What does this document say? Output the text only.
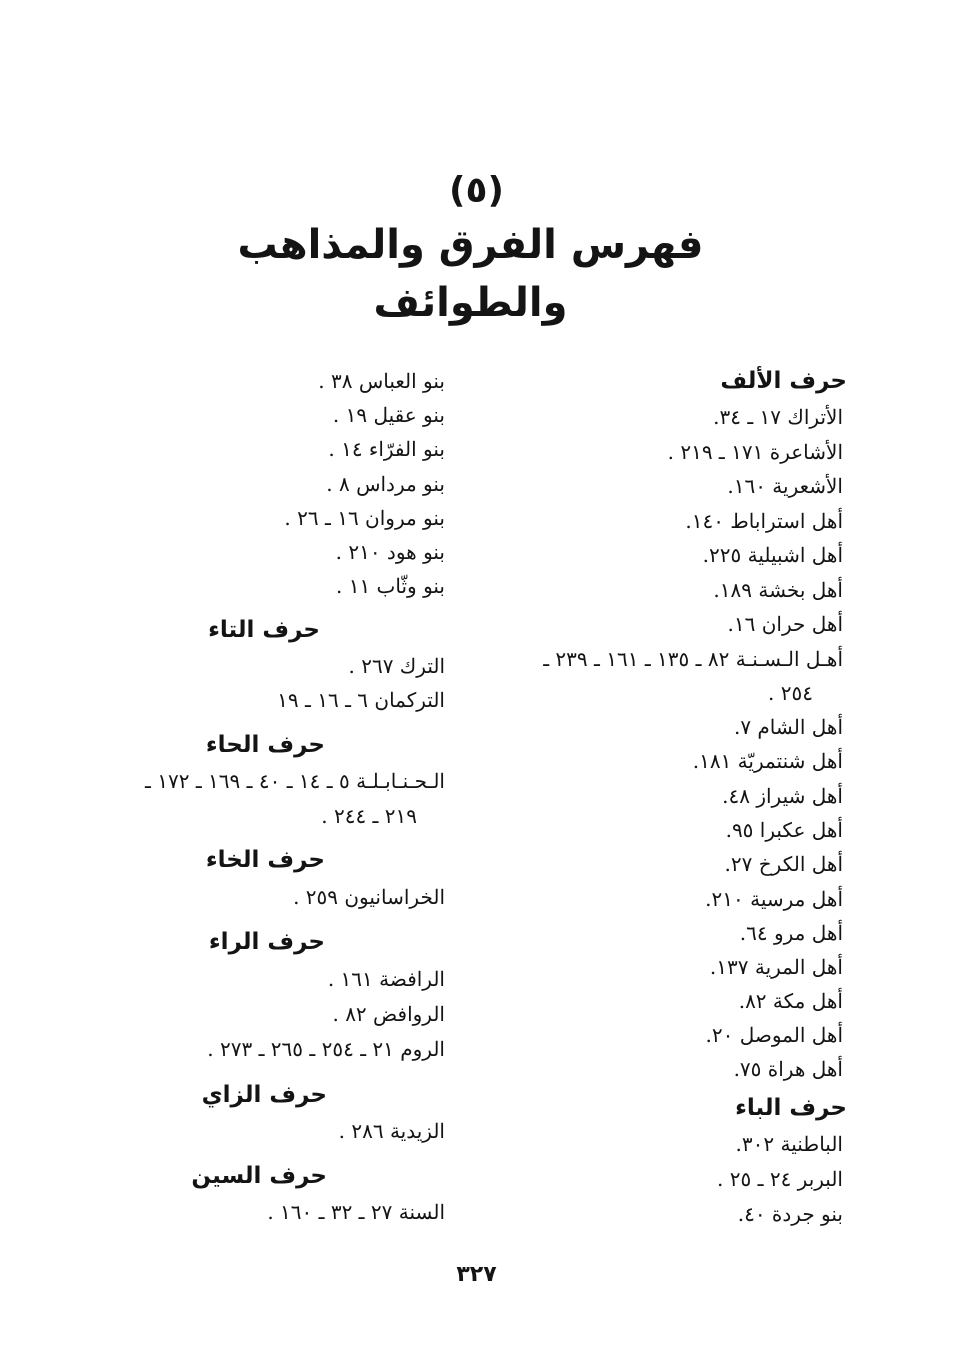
(٥)
فهرس الفرق والمذاهب
والطوائف
حرف الألف
الأتراك ١٧ ـ ٣٤.
الأشاعرة ١٧١ ـ ٢١٩ .
الأشعرية ١٦٠.
أهل استراباط ١٤٠.
أهل اشبيلية ٢٢٥.
أهل بخشة ١٨٩.
أهل حران ١٦.
أهـل الـسـنـة ٨٢ ـ ١٣٥ ـ ١٦١ ـ ٢٣٩ ـ
٢٥٤ .
أهل الشام ٧.
أهل شنتمريّة ١٨١.
أهل شيراز ٤٨.
أهل عكبرا ٩٥.
أهل الكرخ ٢٧.
أهل مرسية ٢١٠.
أهل مرو ٦٤.
أهل المرية ١٣٧.
أهل مكة ٨٢.
أهل الموصل ٢٠.
أهل هراة ٧٥.
حرف الباء
الباطنية ٣٠٢.
البربر ٢٤ ـ ٢٥ .
بنو جردة ٤٠.
بنو العباس ٣٨ .
بنو عقيل ١٩ .
بنو الفرّاء ١٤ .
بنو مرداس ٨ .
بنو مروان ١٦ ـ ٢٦ .
بنو هود ٢١٠ .
بنو وثّاب ١١ .
حرف التاء
الترك ٢٦٧ .
التركمان ٦ ـ ١٦ ـ ١٩
حرف الحاء
الـحـنـابـلـة ٥ ـ ١٤ ـ ٤٠ ـ ١٦٩ ـ ١٧٢ ـ
٢١٩ ـ ٢٤٤ .
حرف الخاء
الخراسانيون ٢٥٩ .
حرف الراء
الرافضة ١٦١ .
الروافض ٨٢ .
الروم ٢١ ـ ٢٥٤ ـ ٢٦٥ ـ ٢٧٣ .
حرف الزاي
الزيدية ٢٨٦ .
حرف السين
السنة ٢٧ ـ ٣٢ ـ ١٦٠ .
٣٢٧
